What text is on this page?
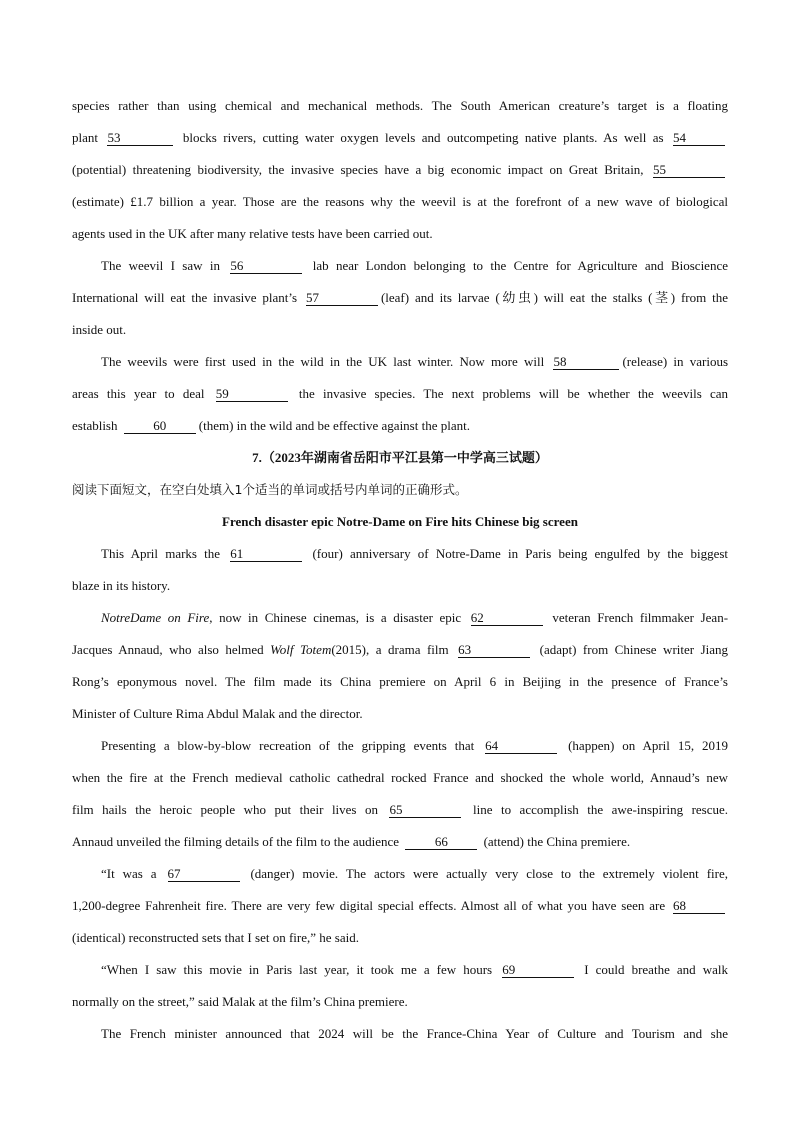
species rather than using chemical and mechanical methods. The South American creature’s target is a floating
plant 53	blocks rivers, cutting water oxygen levels and outcompeting native plants. As well as 54
(potential) threatening biodiversity, the invasive species have a big economic impact on Great Britain, 55
(estimate) £1.7 billion a year. Those are the reasons why the weevil is at the forefront of a new wave of biological
agents used in the UK after many relative tests have been carried out.
The weevil I saw in 56	lab near London belonging to the Centre for Agriculture and Bioscience
International will eat the invasive plant’s 57	(leaf) and its larvae (幼虫) will eat the stalks (茎) from the
inside out.
The weevils were first used in the wild in the UK last winter. Now more will 58	(release) in various
areas this year to deal 59	the invasive species. The next problems will be whether the weevils can
establish	60	(them) in the wild and be effective against the plant.
7.（2023年湖南省岳阳市平江县第一中学高三试题）
阅读下面短文，在空白处填入1个适当的单词或括号内单词的正确形式。
French disaster epic Notre-Dame on Fire hits Chinese big screen
This April marks the 61	(four) anniversary of Notre-Dame in Paris being engulfed by the biggest
blaze in its history.
NotreDame on Fire, now in Chinese cinemas, is a disaster epic 62	veteran French filmmaker Jean-
Jacques Annaud, who also helmed Wolf Totem(2015), a drama film 63	(adapt) from Chinese writer Jiang
Rong’s eponymous novel. The film made its China premiere on April 6 in Beijing in the presence of France’s
Minister of Culture Rima Abdul Malak and the director.
Presenting a blow-by-blow recreation of the gripping events that 64	(happen) on April 15, 2019
when the fire at the French medieval catholic cathedral rocked France and shocked the whole world, Annaud’s new
film hails the heroic people who put their lives on 65	line to accomplish the awe-inspiring rescue.
Annaud unveiled the filming details of the film to the audience	66	(attend) the China premiere.
“It was a 67	(danger) movie. The actors were actually very close to the extremely violent fire,
1,200-degree Fahrenheit fire. There are very few digital special effects. Almost all of what you have seen are 68
(identical) reconstructed sets that I set on fire,” he said.
“When I saw this movie in Paris last year, it took me a few hours 69	I could breathe and walk
normally on the street,” said Malak at the film’s China premiere.
The French minister announced that 2024 will be the France-China Year of Culture and Tourism and she
